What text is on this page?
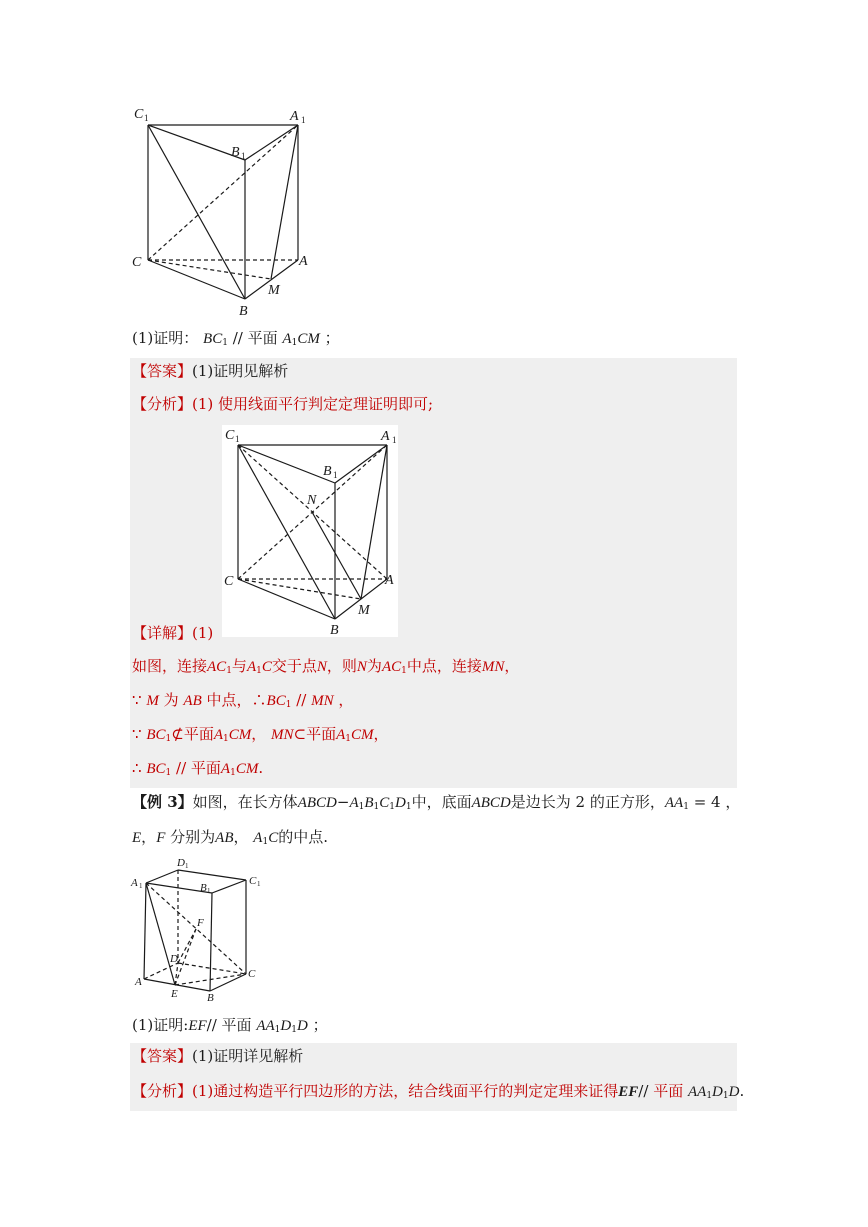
C 1	A 1
B 1
C	A
B
M
(1)证明： $BC_1$ // 平面 $A_1CM$ ；
【答案】(1)证明见解析
【分析】(1) 使用线面平行判定定理证明即可;
C 1	A 1
B 1
N
C	A
B
M
【详解】(1)
如图，连接$AC_1$与$A_1C$交于点N，则N为$AC_1$中点，连接MN，
∵ M 为 AB 中点，$\therefore BC_1$ // MN ，
∵ $BC_1⊄$平面$A_1CM$， MN⊂平面$A_1CM$，
∴ $BC_1$ // 平面$A_1CM$.
【例 3】如图，在长方体$ABCD-A_1B_1C_1D_1$中，底面ABCD是边长为 2 的正方形，$AA_1 = 4$ ，
E，F 分别为AB， $A_1C$的中点.
D 1
A 1	B 1
C 1
F
D
A
C
E	B
(1)证明:EF// 平面 $AA_1D_1D$ ；
【答案】(1)证明详见解析
【分析】(1)通过构造平行四边形的方法，结合线面平行的判定定理来证得EF// 平面 $AA_1D_1D$.
